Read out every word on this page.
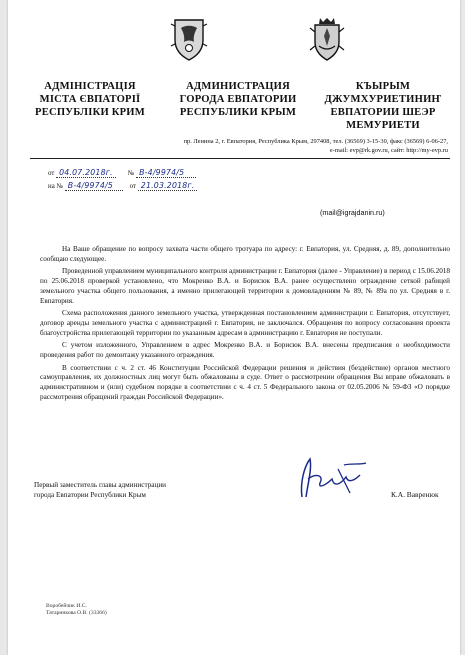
АДМІНІСТРАЦІЯ
МІСТА ЄВПАТОРІЇ
РЕСПУБЛІКИ КРИМ
АДМИНИСТРАЦИЯ
ГОРОДА ЕВПАТОРИИ
РЕСПУБЛИКИ КРЫМ
КЪЫРЫМ
ДЖУМХУРИЕТИНИҤ
ЕВПАТОРИИ ШЕЭР
МЕМУРИЕТИ
пр. Ленина 2, г. Евпатория, Республика Крым, 297408, тел. (36569) 3-15-30, факс (36569) 6-06-27,
e-mail: evp@rk.gov.ru, сайт: http://my-evp.ru
от 04.07.2018г. № В-4/9974/5
на № В-4/9974/5 от 21.03.2018г.
(mail@igrajdanin.ru)

На Ваше обращение по вопросу захвата части общего тротуара по адресу: г. Евпатория, ул. Средняя, д. 89, дополнительно сообщаю следующее.

Проведенной управлением муниципального контроля администрации г. Евпатория (далее - Управление) в период с 15.06.2018 по 25.06.2018 проверкой установлено, что Мокренко В.А. и Борисюк В.А. ранее осуществлено ограждение сеткой рабицей земельного участка общего пользования, а именно прилегающей территории к домовладениям № 89, № 89а по ул. Средняя в г. Евпатория.

Схема расположения данного земельного участка, утвержденная постановлением администрации г. Евпатория, отсутствует, договор аренды земельного участка с администрацией г. Евпатория, не заключался. Обращения по вопросу согласования проекта благоустройства прилегающей территории по указанным адресам в администрацию г. Евпатория не поступали.

С учетом изложенного, Управлением в адрес Мокренко В.А. и Борисюк В.А. внесены предписания о необходимости проведения работ по демонтажу указанного ограждения.

В соответствии с ч. 2 ст. 46 Конституции Российской Федерации решения и действия (бездействие) органов местного самоуправления, их должностных лиц могут быть обжалованы в суде. Ответ о рассмотрении обращения Вы вправе обжаловать в административном и (или) судебном порядке в соответствии с ч. 4 ст. 5 Федерального закона от 02.05.2006 № 59-ФЗ «О порядке рассмотрения обращений граждан Российской Федерации».

Первый заместитель главы администрации
города Евпатории Республики Крым	К.А. Вавренюк
Воробейчик И.С.
Татаринкова О.В. (33366)
